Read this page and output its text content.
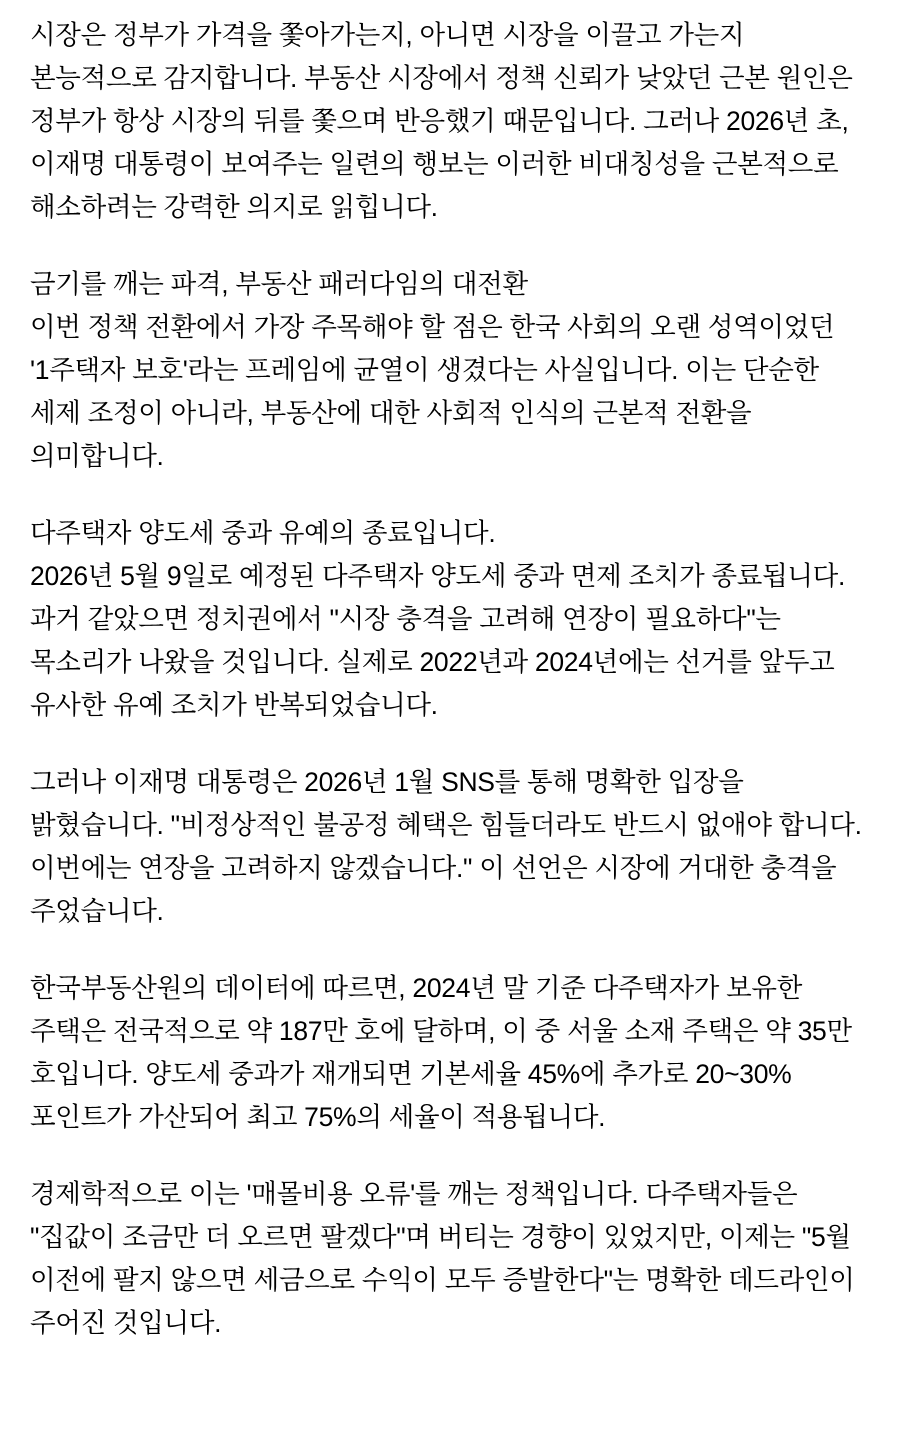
시장은 정부가 가격을 쫓아가는지, 아니면 시장을 이끌고 가는지 본능적으로 감지합니다. 부동산 시장에서 정책 신뢰가 낮았던 근본 원인은 정부가 항상 시장의 뒤를 쫓으며 반응했기 때문입니다. 그러나 2026년 초, 이재명 대통령이 보여주는 일련의 행보는 이러한 비대칭성을 근본적으로 해소하려는 강력한 의지로 읽힙니다.

금기를 깨는 파격, 부동산 패러다임의 대전환

이번 정책 전환에서 가장 주목해야 할 점은 한국 사회의 오랜 성역이었던 '1주택자 보호'라는 프레임에 균열이 생겼다는 사실입니다. 이는 단순한 세제 조정이 아니라, 부동산에 대한 사회적 인식의 근본적 전환을 의미합니다.

다주택자 양도세 중과 유예의 종료입니다.

2026년 5월 9일로 예정된 다주택자 양도세 중과 면제 조치가 종료됩니다. 과거 같았으면 정치권에서 "시장 충격을 고려해 연장이 필요하다"는 목소리가 나왔을 것입니다. 실제로 2022년과 2024년에는 선거를 앞두고 유사한 유예 조치가 반복되었습니다.

그러나 이재명 대통령은 2026년 1월 SNS를 통해 명확한 입장을 밝혔습니다. "비정상적인 불공정 혜택은 힘들더라도 반드시 없애야 합니다. 이번에는 연장을 고려하지 않겠습니다." 이 선언은 시장에 거대한 충격을 주었습니다.

한국부동산원의 데이터에 따르면, 2024년 말 기준 다주택자가 보유한 주택은 전국적으로 약 187만 호에 달하며, 이 중 서울 소재 주택은 약 35만 호입니다. 양도세 중과가 재개되면 기본세율 45%에 추가로 20~30%포인트가 가산되어 최고 75%의 세율이 적용됩니다.

경제학적으로 이는 '매몰비용 오류'를 깨는 정책입니다. 다주택자들은 "집값이 조금만 더 오르면 팔겠다"며 버티는 경향이 있었지만, 이제는 "5월 이전에 팔지 않으면 세금으로 수익이 모두 증발한다"는 명확한 데드라인이 주어진 것입니다.
